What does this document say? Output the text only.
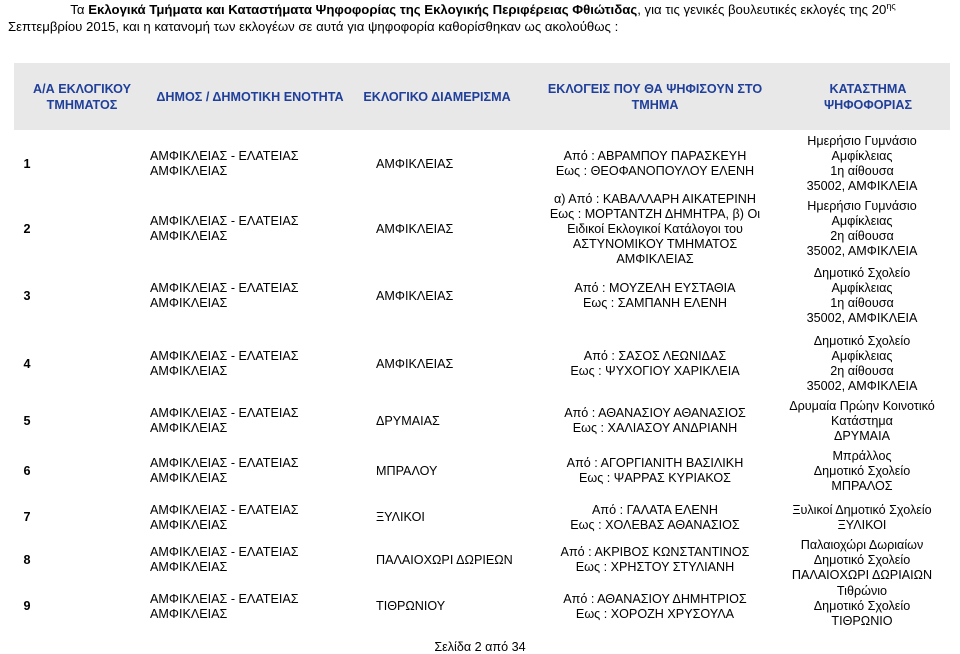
Τα Εκλογικά Τμήματα και Καταστήματα Ψηφοφορίας της Εκλογικής Περιφέρειας Φθιώτιδας, για τις γενικές βουλευτικές εκλογές της $20^{\eta\varsigma}$
Σεπτεμβρίου 2015, και η κατανομή των εκλογέων σε αυτά για ψηφοφορία καθορίσθηκαν ως ακολούθως :
Α/Α ΕΚΛΟΓΙΚΟΥ ΤΜΗΜΑΤΟΣ
ΔΗΜΟΣ / ΔΗΜΟΤΙΚΗ ΕΝΟΤΗΤΑ	ΕΚΛΟΓΙΚΟ ΔΙΑΜΕΡΙΣΜΑ
ΕΚΛΟΓΕΙΣ ΠΟΥ ΘΑ ΨΗΦΙΣΟΥΝ ΣΤΟ ΤΜΗΜΑ
ΚΑΤΑΣΤΗΜΑ ΨΗΦΟΦΟΡΙΑΣ
1
ΑΜΦΙΚΛΕΙΑΣ - ΕΛΑΤΕΙΑΣ
ΑΜΦΙΚΛΕΙΑΣ
ΑΜΦΙΚΛΕΙΑΣ
Από : ΑΒΡΑΜΠΟΥ ΠΑΡΑΣΚΕΥΗ
Εως : ΘΕΟΦΑΝΟΠΟΥΛΟΥ ΕΛΕΝΗ
Ημερήσιο Γυμνάσιο
Αμφίκλειας
1η αίθουσα
35002, ΑΜΦΙΚΛΕΙΑ
2
ΑΜΦΙΚΛΕΙΑΣ - ΕΛΑΤΕΙΑΣ
ΑΜΦΙΚΛΕΙΑΣ
ΑΜΦΙΚΛΕΙΑΣ
α) Από : ΚΑΒΑΛΛΑΡΗ ΑΙΚΑΤΕΡΙΝΗ
Εως : ΜΟΡΤΑΝΤΖΗ ΔΗΜΗΤΡΑ, β) Οι
Ειδικοί Εκλογικοί Κατάλογοι του
ΑΣΤΥΝΟΜΙΚΟΥ ΤΜΗΜΑΤΟΣ
ΑΜΦΙΚΛΕΙΑΣ
Ημερήσιο Γυμνάσιο
Αμφίκλειας
2η αίθουσα
35002, ΑΜΦΙΚΛΕΙΑ
3
ΑΜΦΙΚΛΕΙΑΣ - ΕΛΑΤΕΙΑΣ
ΑΜΦΙΚΛΕΙΑΣ
ΑΜΦΙΚΛΕΙΑΣ
Από : ΜΟΥΖΕΛΗ ΕΥΣΤΑΘΙΑ
Εως : ΣΑΜΠΑΝΗ ΕΛΕΝΗ
Δημοτικό Σχολείο
Αμφίκλειας
1η αίθουσα
35002, ΑΜΦΙΚΛΕΙΑ
4
ΑΜΦΙΚΛΕΙΑΣ - ΕΛΑΤΕΙΑΣ
ΑΜΦΙΚΛΕΙΑΣ
ΑΜΦΙΚΛΕΙΑΣ
Από : ΣΑΣΟΣ ΛΕΩΝΙΔΑΣ
Εως : ΨΥΧΟΓΙΟΥ ΧΑΡΙΚΛΕΙΑ
Δημοτικό Σχολείο
Αμφίκλειας
2η αίθουσα
35002, ΑΜΦΙΚΛΕΙΑ
5
ΑΜΦΙΚΛΕΙΑΣ - ΕΛΑΤΕΙΑΣ
ΑΜΦΙΚΛΕΙΑΣ
ΔΡΥΜΑΙΑΣ
Από : ΑΘΑΝΑΣΙΟΥ ΑΘΑΝΑΣΙΟΣ
Εως : ΧΑΛΙΑΣΟΥ ΑΝΔΡΙΑΝΗ
Δρυμαία Πρώην Κοινοτικό
Κατάστημα
ΔΡΥΜΑΙΑ
6
ΑΜΦΙΚΛΕΙΑΣ - ΕΛΑΤΕΙΑΣ
ΑΜΦΙΚΛΕΙΑΣ
ΜΠΡΑΛΟΥ
Από : ΑΓΟΡΓΙΑΝΙΤΗ ΒΑΣΙΛΙΚΗ
Εως : ΨΑΡΡΑΣ ΚΥΡΙΑΚΟΣ
Μπράλλος
Δημοτικό Σχολείο
ΜΠΡΑΛΟΣ
7
ΑΜΦΙΚΛΕΙΑΣ - ΕΛΑΤΕΙΑΣ
ΑΜΦΙΚΛΕΙΑΣ
ΞΥΛΙΚΟΙ
Από : ΓΑΛΑΤΑ ΕΛΕΝΗ
Εως : ΧΟΛΕΒΑΣ ΑΘΑΝΑΣΙΟΣ
Ξυλικοί Δημοτικό Σχολείο
ΞΥΛΙΚΟΙ
8
ΑΜΦΙΚΛΕΙΑΣ - ΕΛΑΤΕΙΑΣ
ΑΜΦΙΚΛΕΙΑΣ
ΠΑΛΑΙΟΧΩΡΙ ΔΩΡΙΕΩΝ
Από : ΑΚΡΙΒΟΣ ΚΩΝΣΤΑΝΤΙΝΟΣ
Εως : ΧΡΗΣΤΟΥ ΣΤΥΛΙΑΝΗ
Παλαιοχώρι Δωριαίων
Δημοτικό Σχολείο
ΠΑΛΑΙΟΧΩΡΙ ΔΩΡΙΑΙΩΝ
9
ΑΜΦΙΚΛΕΙΑΣ - ΕΛΑΤΕΙΑΣ
ΑΜΦΙΚΛΕΙΑΣ
ΤΙΘΡΩΝΙΟΥ
Από : ΑΘΑΝΑΣΙΟΥ ΔΗΜΗΤΡΙΟΣ
Εως : ΧΟΡΟΖΗ ΧΡΥΣΟΥΛΑ
Τιθρώνιο
Δημοτικό Σχολείο
ΤΙΘΡΩΝΙΟ
Σελίδα 2 από 34
